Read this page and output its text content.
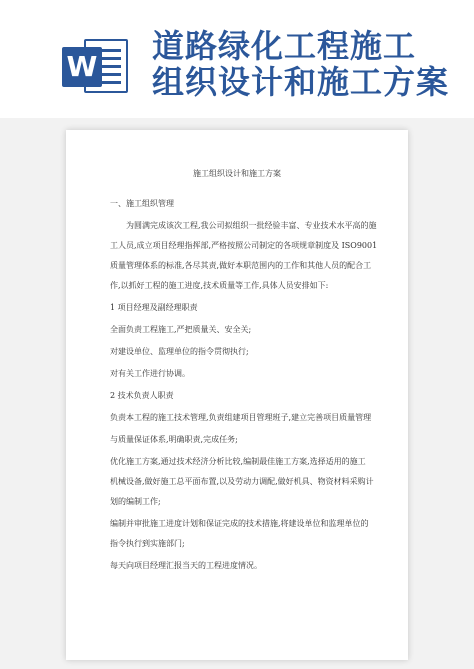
W
道路绿化工程施工
组织设计和施工方案
施工组织设计和施工方案
一、施工组织管理
为圆满完成该次工程,我公司拟组织一批经验丰富、专业技术水平高的施
工人员,成立项目经理指挥部,严格按照公司制定的各项规章制度及 ISO9001
质量管理体系的标准,各尽其责,做好本职范围内的工作和其他人员的配合工
作,以抓好工程的施工进度,技术质量等工作,具体人员安排如下:
1 项目经理及副经理职责
全面负责工程施工,严把质量关、安全关;
对建设单位、监理单位的指令贯彻执行;
对有关工作进行协调。
2 技术负责人职责
负责本工程的施工技术管理,负责组建项目管理班子,建立完善项目质量管理
与质量保证体系,明确职责,完成任务;
优化施工方案,通过技术经济分析比较,编制最佳施工方案,选择适用的施工
机械设备,做好施工总平面布置,以及劳动力调配,做好机具、物资材料采购计
划的编制工作;
编制并审批施工进度计划和保证完成的技术措施,将建设单位和监理单位的
指令执行到实施部门;
每天向项目经理汇报当天的工程进度情况。
